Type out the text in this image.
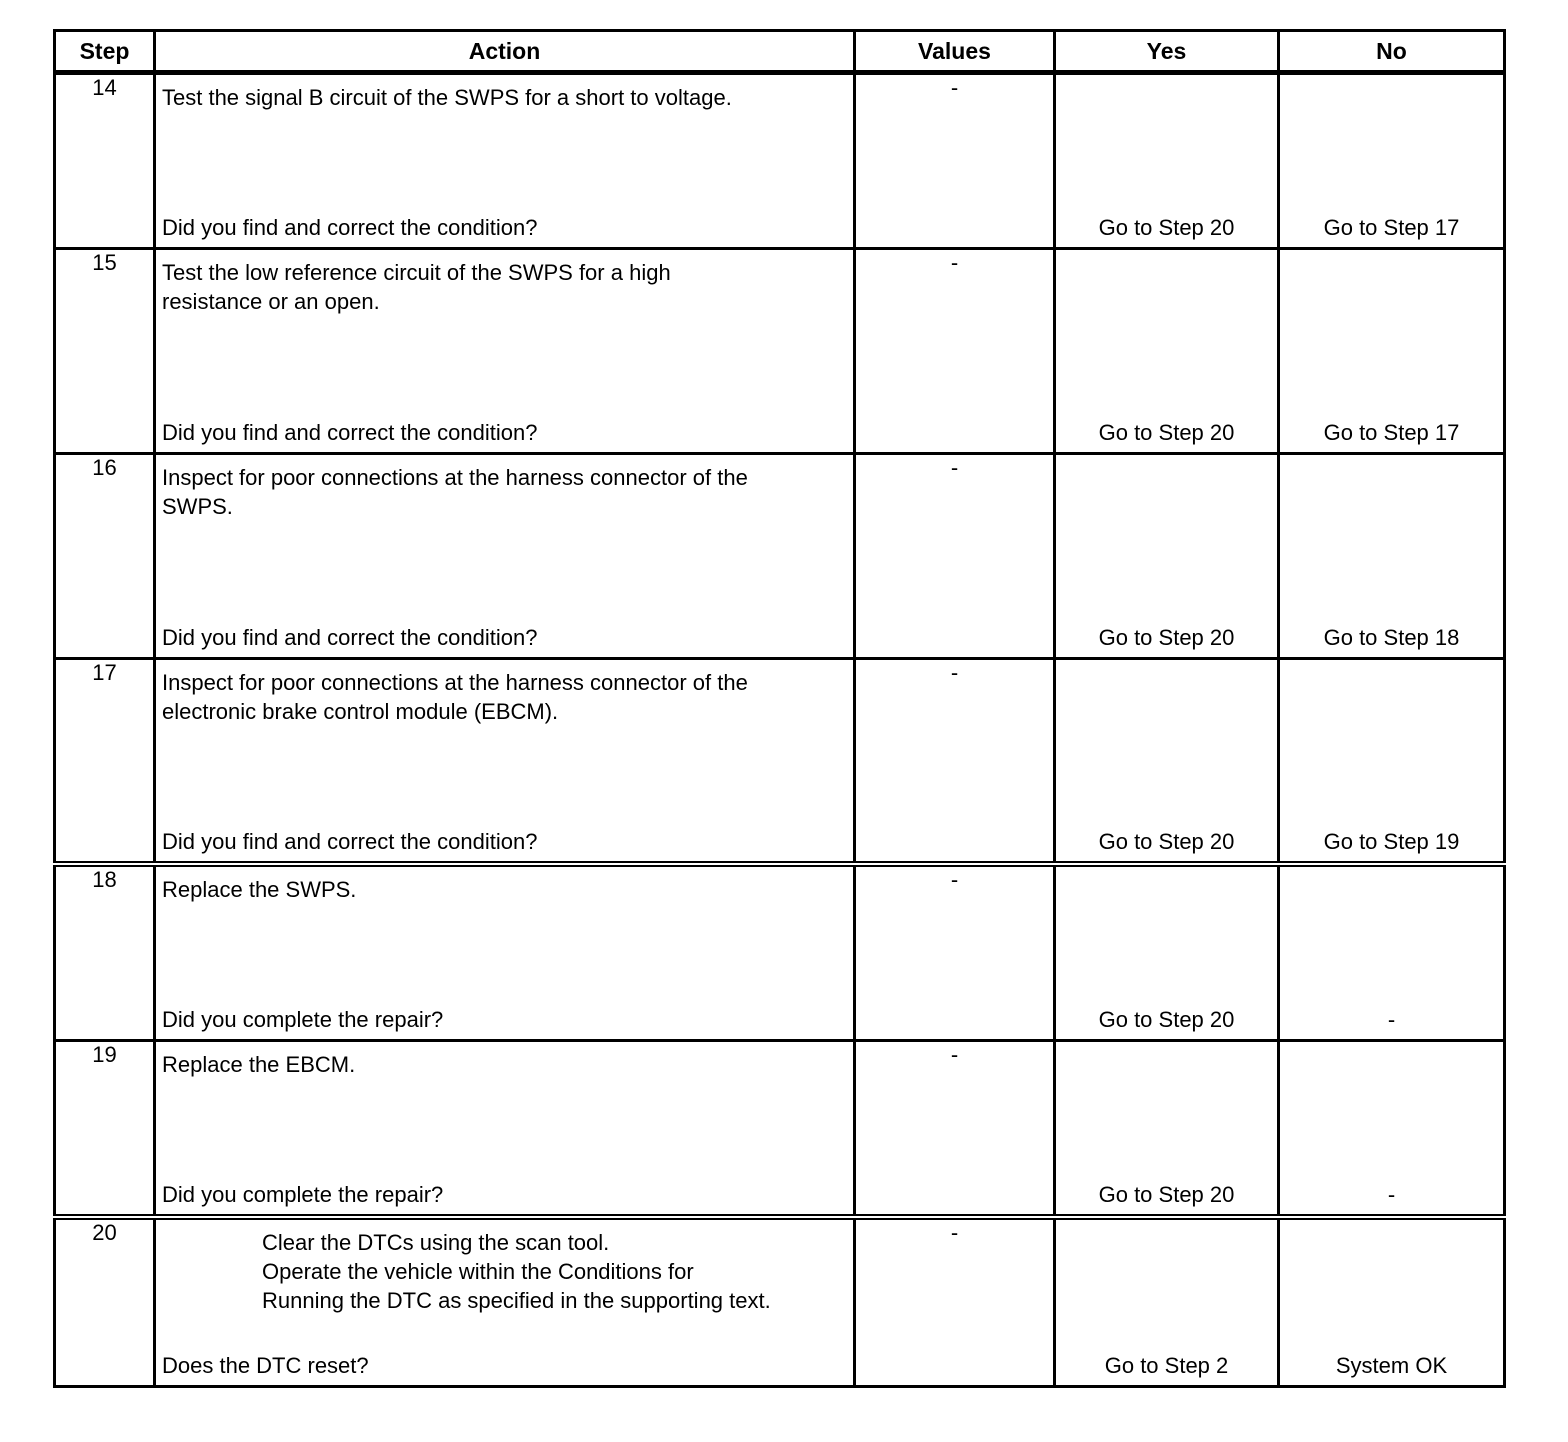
Step	Action	Values	Yes	No
14	Test the signal B circuit of the SWPS for a short to voltage.
Did you find and correct the condition?	-	Go to Step 20	Go to Step 17

15	Test the low reference circuit of the SWPS for a high
resistance or an open.
Did you find and correct the condition?	-	Go to Step 20	Go to Step 17

16	Inspect for poor connections at the harness connector of the
SWPS.
Did you find and correct the condition?	-	Go to Step 20	Go to Step 18

17	Inspect for poor connections at the harness connector of the
electronic brake control module (EBCM).
Did you find and correct the condition?	-	Go to Step 20	Go to Step 19

18	Replace the SWPS.
Did you complete the repair?	-	Go to Step 20	-

19	Replace the EBCM.
Did you complete the repair?	-	Go to Step 20	-

20	Clear the DTCs using the scan tool.
Operate the vehicle within the Conditions for
Running the DTC as specified in the supporting text.
Does the DTC reset?	-	Go to Step 2	System OK
